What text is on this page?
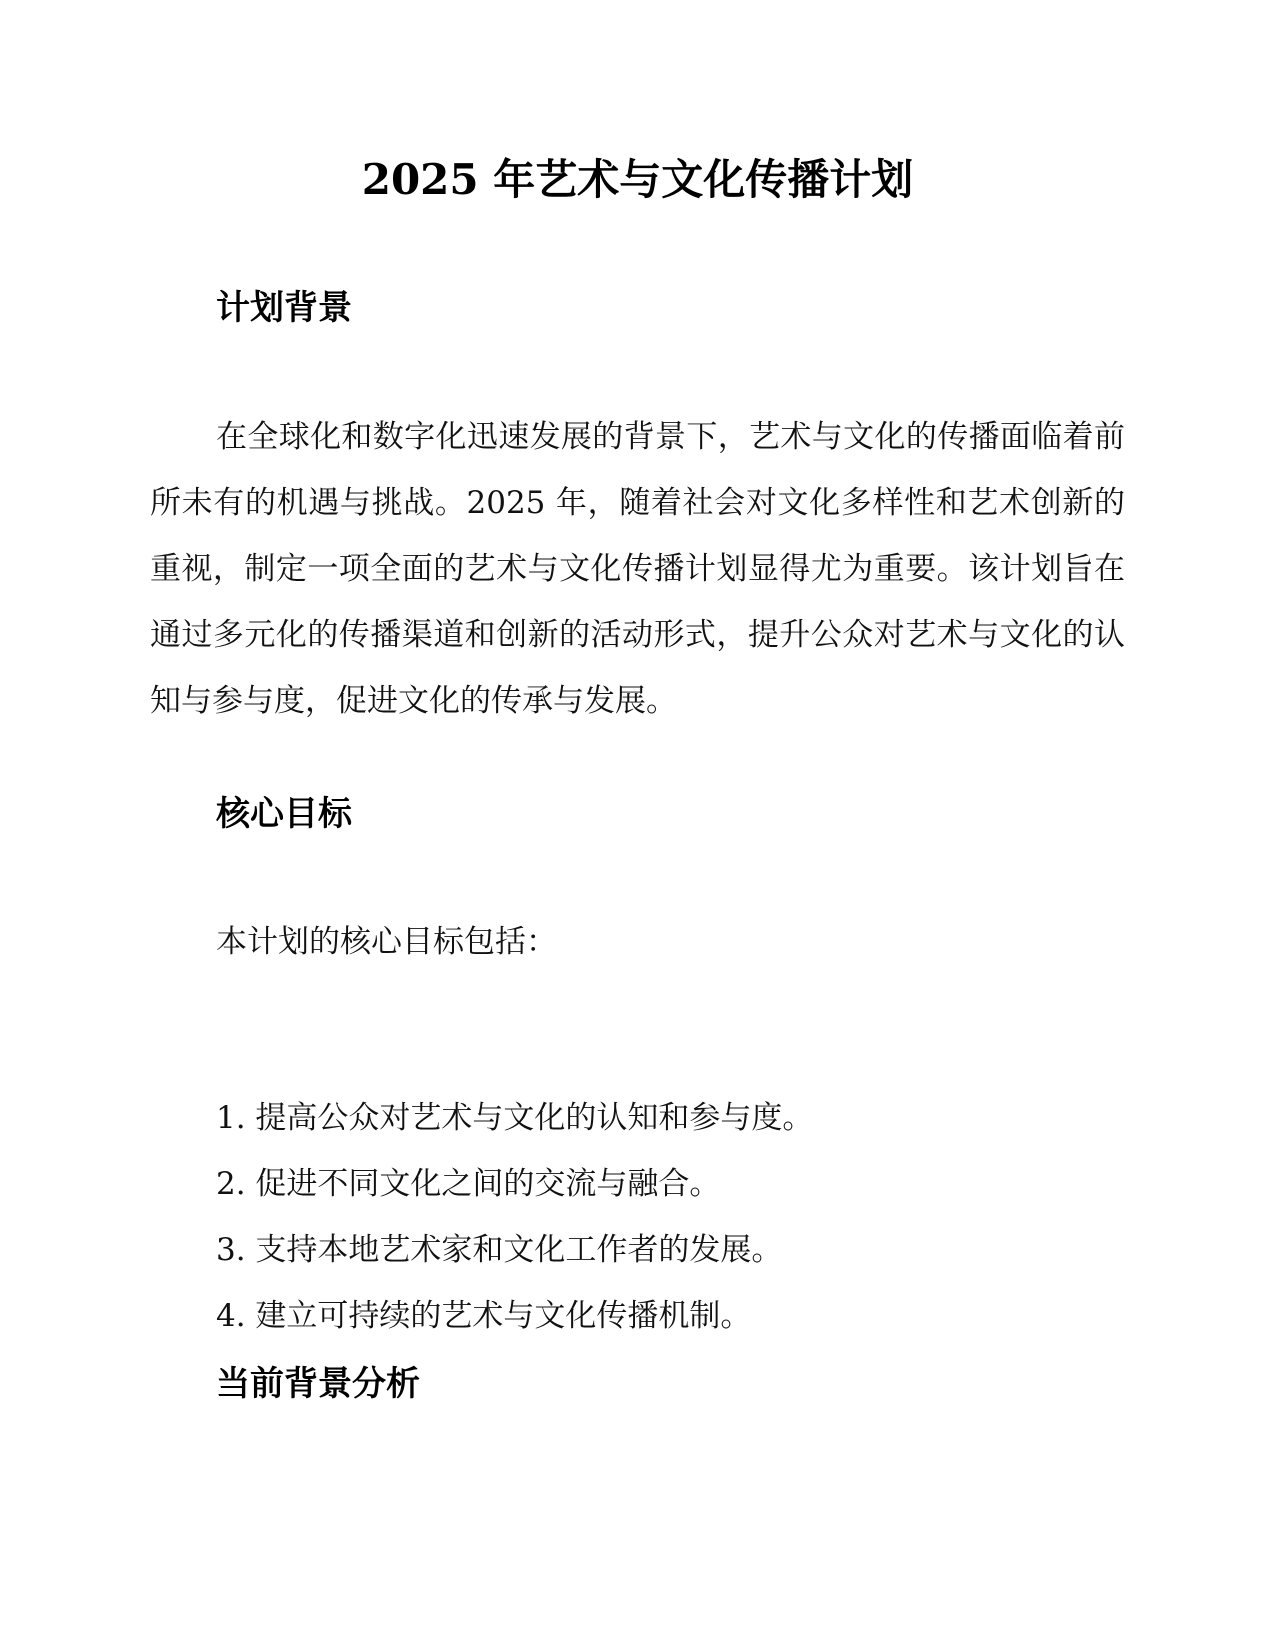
2025 年艺术与文化传播计划
计划背景

在全球化和数字化迅速发展的背景下，艺术与文化的传播面临着前所未有的机遇与挑战。2025 年，随着社会对文化多样性和艺术创新的重视，制定一项全面的艺术与文化传播计划显得尤为重要。该计划旨在通过多元化的传播渠道和创新的活动形式，提升公众对艺术与文化的认知与参与度，促进文化的传承与发展。

核心目标

本计划的核心目标包括：

1. 提高公众对艺术与文化的认知和参与度。
2. 促进不同文化之间的交流与融合。
3. 支持本地艺术家和文化工作者的发展。
4. 建立可持续的艺术与文化传播机制。
当前背景分析
